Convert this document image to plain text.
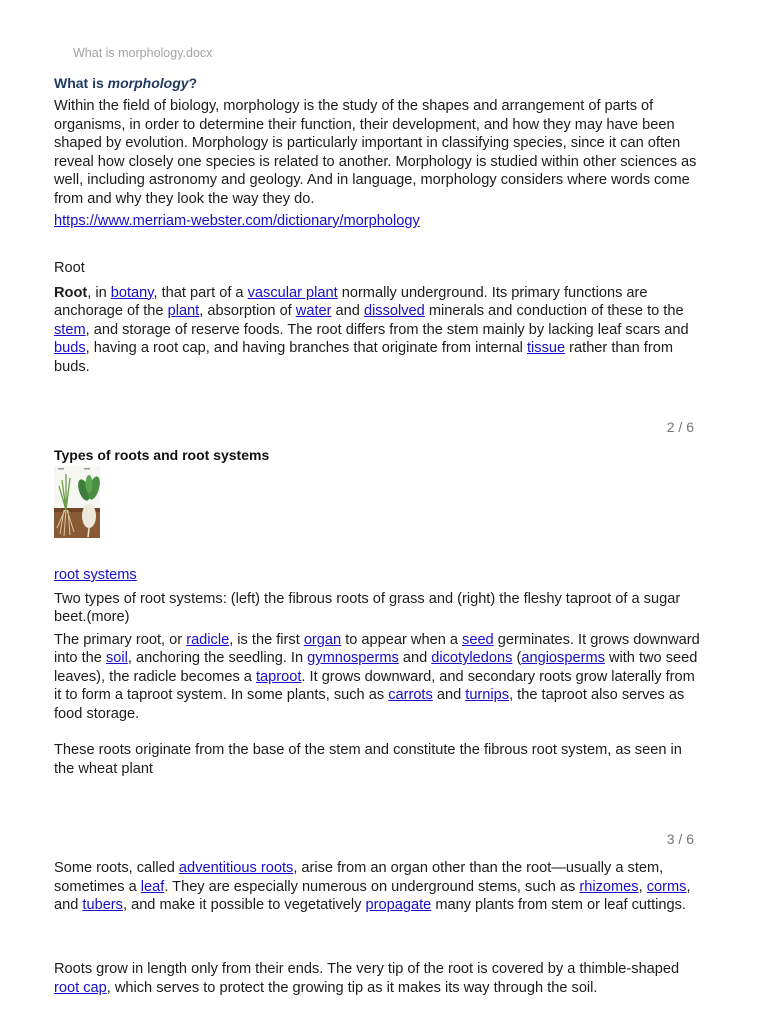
What is morphology.docx
What is morphology?

Within the field of biology, morphology is the study of the shapes and arrangement of parts of organisms, in order to determine their function, their development, and how they may have been shaped by evolution. Morphology is particularly important in classifying species, since it can often reveal how closely one species is related to another. Morphology is studied within other sciences as well, including astronomy and geology. And in language, morphology considers where words come from and why they look the way they do.

https://www.merriam-webster.com/dictionary/morphology

Root

Root, in botany, that part of a vascular plant normally underground. Its primary functions are anchorage of the plant, absorption of water and dissolved minerals and conduction of these to the stem, and storage of reserve foods. The root differs from the stem mainly by lacking leaf scars and buds, having a root cap, and having branches that originate from internal tissue rather than from buds.

2 / 6
Types of roots and root systems

root systems

Two types of root systems: (left) the fibrous roots of grass and (right) the fleshy taproot of a sugar beet.(more)

The primary root, or radicle, is the first organ to appear when a seed germinates. It grows downward into the soil, anchoring the seedling. In gymnosperms and dicotyledons (angiosperms with two seed leaves), the radicle becomes a taproot. It grows downward, and secondary roots grow laterally from it to form a taproot system. In some plants, such as carrots and turnips, the taproot also serves as food storage.

These roots originate from the base of the stem and constitute the fibrous root system, as seen in the wheat plant

3 / 6

Some roots, called adventitious roots, arise from an organ other than the root—usually a stem, sometimes a leaf. They are especially numerous on underground stems, such as rhizomes, corms, and tubers, and make it possible to vegetatively propagate many plants from stem or leaf cuttings.

Roots grow in length only from their ends. The very tip of the root is covered by a thimble-shaped root cap, which serves to protect the growing tip as it makes its way through the soil.
